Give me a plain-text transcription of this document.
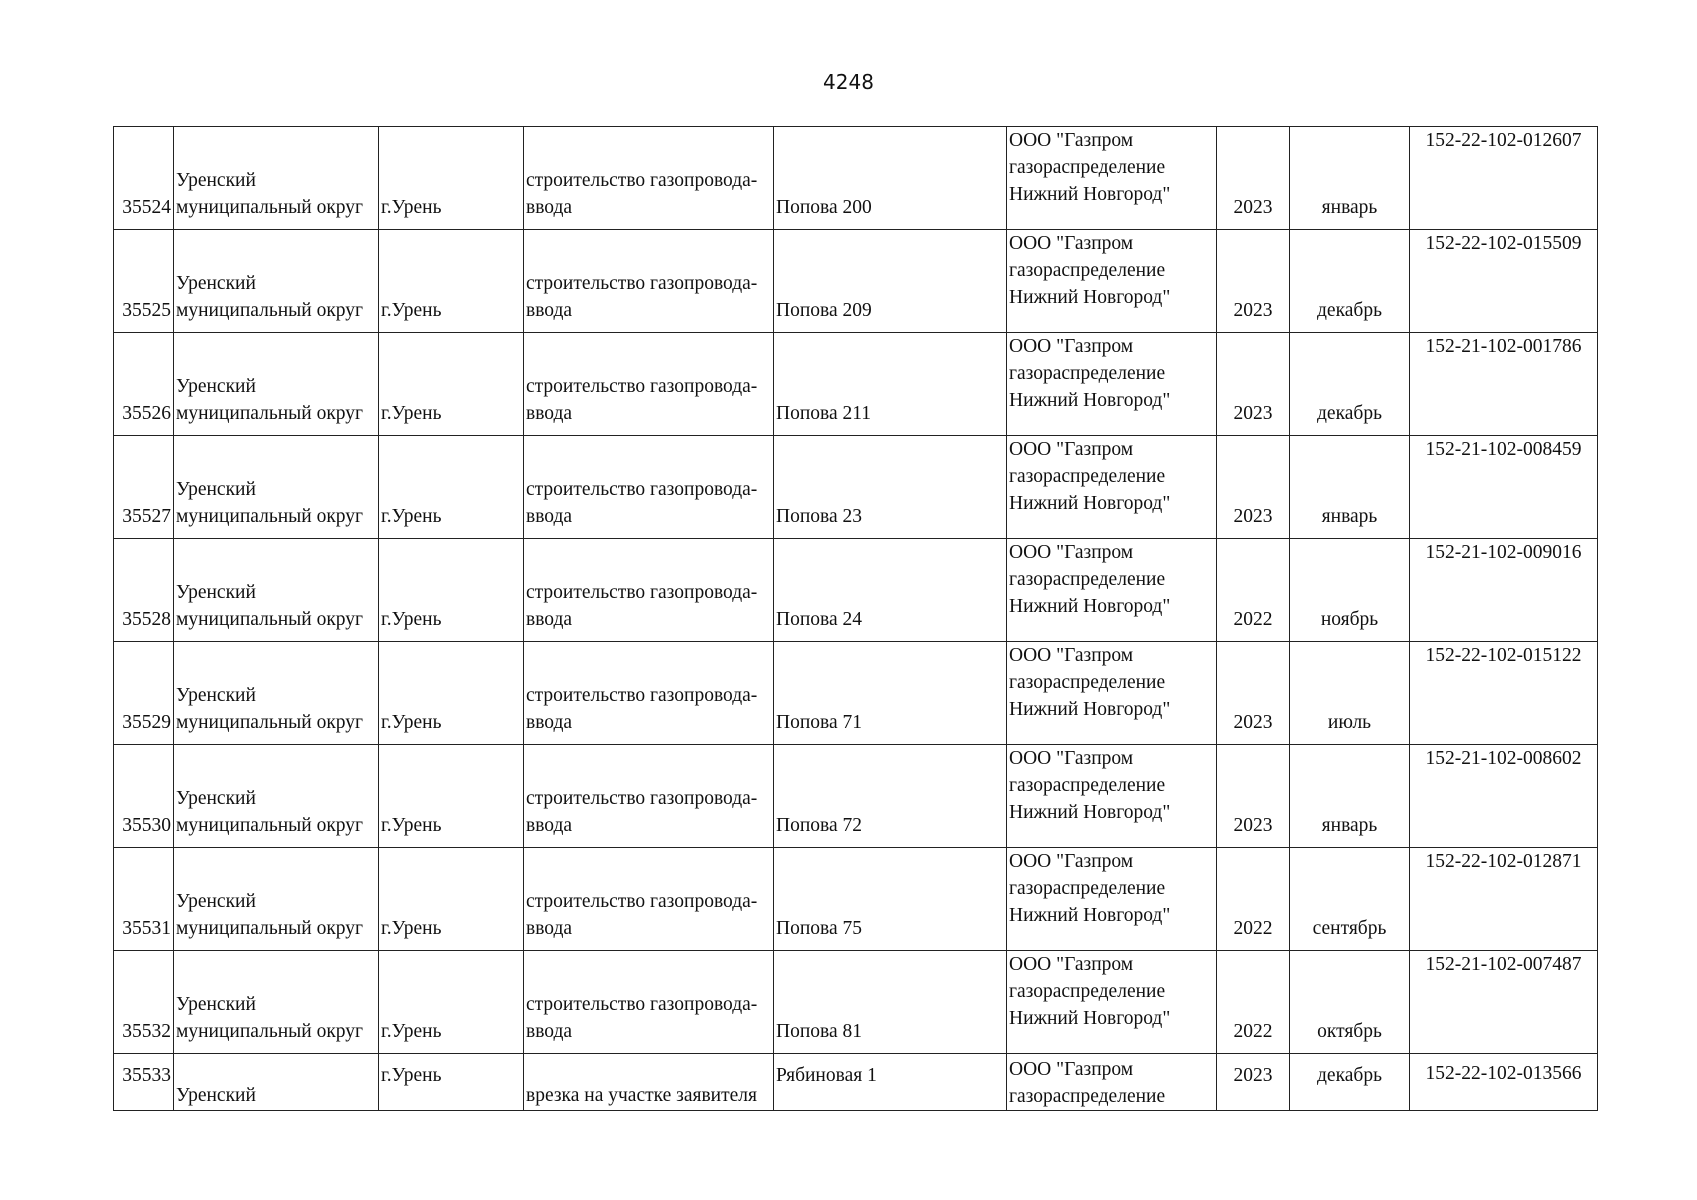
4248
35524	Уренский
муниципальный округ	г.Урень	строительство газопровода-
ввода	Попова 200	ООО "Газпром
газораспределение
Нижний Новгород"	2023	январь	152-22-102-012607

35525	Уренский
муниципальный округ	г.Урень	строительство газопровода-
ввода	Попова 209	ООО "Газпром
газораспределение
Нижний Новгород"	2023	декабрь	152-22-102-015509

35526	Уренский
муниципальный округ	г.Урень	строительство газопровода-
ввода	Попова 211	ООО "Газпром
газораспределение
Нижний Новгород"	2023	декабрь	152-21-102-001786

35527	Уренский
муниципальный округ	г.Урень	строительство газопровода-
ввода	Попова 23	ООО "Газпром
газораспределение
Нижний Новгород"	2023	январь	152-21-102-008459

35528	Уренский
муниципальный округ	г.Урень	строительство газопровода-
ввода	Попова 24	ООО "Газпром
газораспределение
Нижний Новгород"	2022	ноябрь	152-21-102-009016

35529	Уренский
муниципальный округ	г.Урень	строительство газопровода-
ввода	Попова 71	ООО "Газпром
газораспределение
Нижний Новгород"	2023	июль	152-22-102-015122

35530	Уренский
муниципальный округ	г.Урень	строительство газопровода-
ввода	Попова 72	ООО "Газпром
газораспределение
Нижний Новгород"	2023	январь	152-21-102-008602

35531	Уренский
муниципальный округ	г.Урень	строительство газопровода-
ввода	Попова 75	ООО "Газпром
газораспределение
Нижний Новгород"	2022	сентябрь	152-22-102-012871

35532	Уренский
муниципальный округ	г.Урень	строительство газопровода-
ввода	Попова 81	ООО "Газпром
газораспределение
Нижний Новгород"	2022	октябрь	152-21-102-007487

35533	Уренский	г.Урень	врезка на участке заявителя	Рябиновая 1	ООО "Газпром
газораспределение	2023	декабрь	152-22-102-013566
